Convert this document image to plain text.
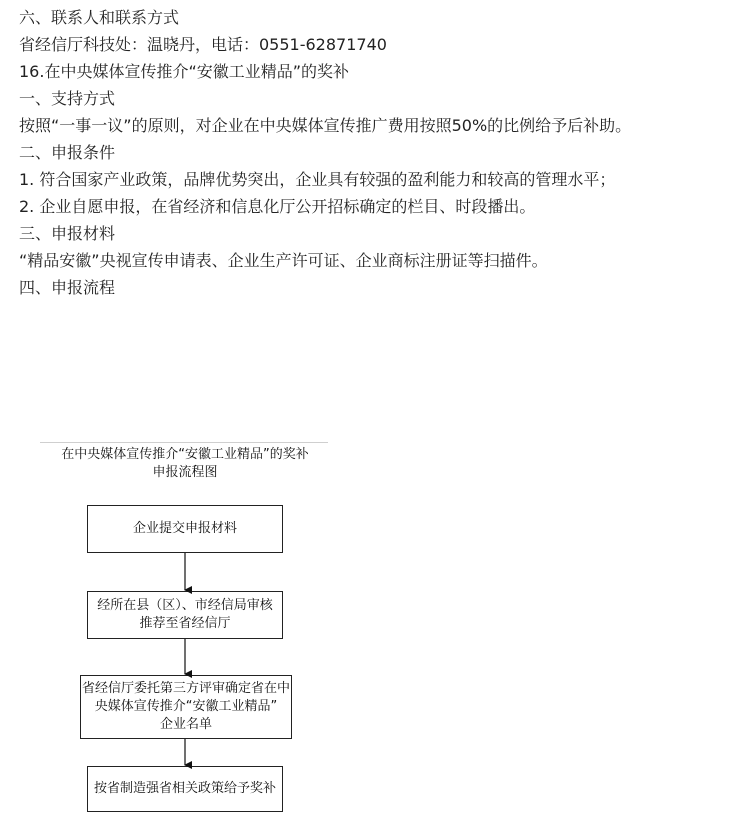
六、联系人和联系方式
省经信厅科技处：温晓丹，电话：0551-62871740
16.在中央媒体宣传推介“安徽工业精品”的奖补
一、支持方式
按照“一事一议”的原则，对企业在中央媒体宣传推广费用按照50%的比例给予后补助。
二、申报条件
1. 符合国家产业政策，品牌优势突出，企业具有较强的盈利能力和较高的管理水平；
2. 企业自愿申报，在省经济和信息化厅公开招标确定的栏目、时段播出。
三、申报材料
“精品安徽”央视宣传申请表、企业生产许可证、企业商标注册证等扫描件。
四、申报流程
在中央媒体宣传推介“安徽工业精品”的奖补
申报流程图
企业提交申报材料
经所在县（区）、市经信局审核
推荐至省经信厅
省经信厅委托第三方评审确定省在中
央媒体宣传推介“安徽工业精品”
企业名单
按省制造强省相关政策给予奖补
